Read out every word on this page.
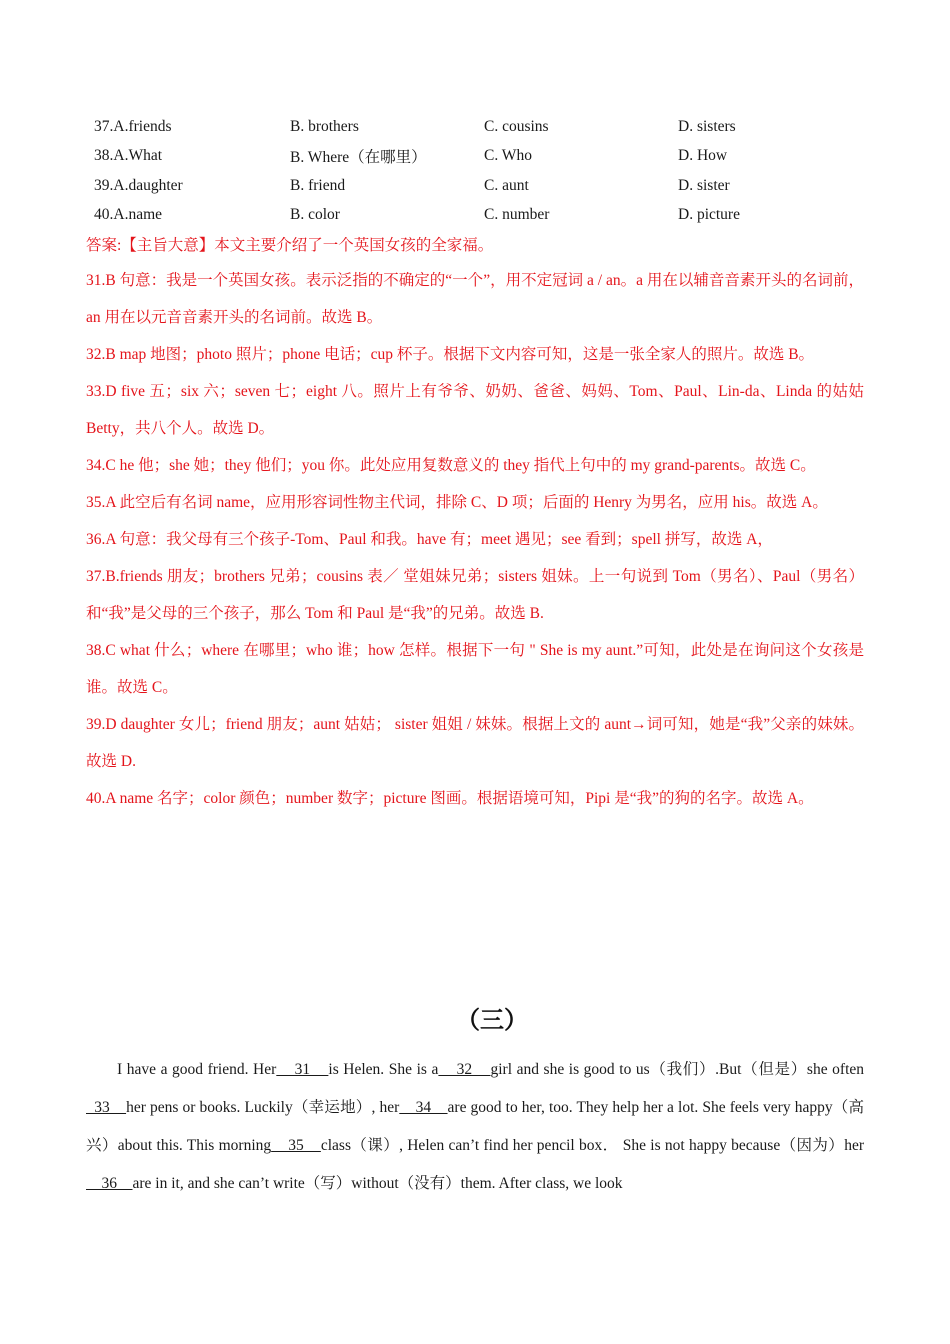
37.A.friends	B. brothers	C. cousins	D. sisters
38.A.What	B. Where（在哪里）	C. Who	D. How
39.A.daughter	B. friend	C. aunt	D. sister
40.A.name	B. color	C. number	D. picture
答案:【主旨大意】本文主要介绍了一个英国女孩的全家福。

31.B 句意：我是一个英国女孩。表示泛指的不确定的“一个”，用不定冠词 a / an。a 用在以辅音音素开头的名词前，an 用在以元音音素开头的名词前。故选 B。

32.B map 地图；photo 照片；phone 电话；cup 杯子。根据下文内容可知，这是一张全家人的照片。故选 B。

33.D five 五；six 六；seven 七；eight 八。照片上有爷爷、奶奶、爸爸、妈妈、Tom、Paul、Lin-da、Linda 的姑姑 Betty，共八个人。故选 D。

34.C he 他；she 她；they 他们；you 你。此处应用复数意义的 they 指代上句中的 my grand-parents。故选 C。

35.A 此空后有名词 name，应用形容词性物主代词，排除 C、D 项；后面的 Henry 为男名，应用 his。故选 A。

36.A 句意：我父母有三个孩子-Tom、Paul 和我。have 有；meet 遇见；see 看到；spell 拼写，故选 A，

37.B.friends 朋友；brothers 兄弟；cousins 表／ 堂姐妹兄弟；sisters 姐妹。上一句说到 Tom（男名）、Paul（男名）和“我”是父母的三个孩子，那么 Tom 和 Paul 是“我”的兄弟。故选 B.

38.C what 什么；where 在哪里；who 谁；how 怎样。根据下一句 " She is my aunt.”可知，此处是在询问这个女孩是谁。故选 C。

39.D daughter 女儿；friend 朋友；aunt 姑姑； sister 姐姐 / 妹妹。根据上文的 aunt→词可知，她是“我”父亲的妹妹。故选 D.

40.A name 名字；color 颜色；number 数字；picture 图画。根据语境可知，Pipi 是“我”的狗的名字。故选 A。

（三）

I have a good friend. Her    31    is Helen. She is a    32    girl and she is good to us（我们）.But（但是）she often   33    her pens or books. Luckily（幸运地）, her    34    are good to her, too. They help her a lot. She feels very happy（高兴）about this. This morning    35    class（课）, Helen can’t find her pencil box． She is not happy because（因为）her    36    are in it, and she can’t write（写）without（没有）them. After class, we look
